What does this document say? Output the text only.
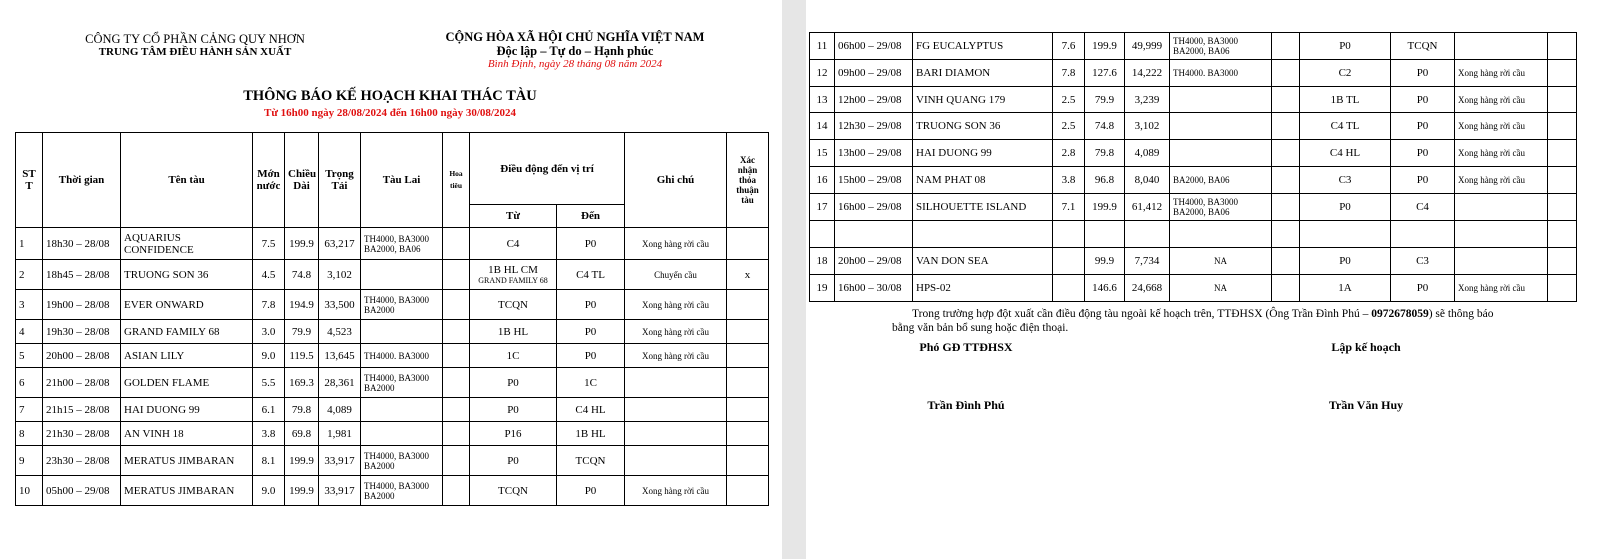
CÔNG TY CỔ PHẦN CẢNG QUY NHƠN
TRUNG TÂM ĐIỀU HÀNH SẢN XUẤT
CỘNG HÒA XÃ HỘI CHỦ NGHĨA VIỆT NAM
Độc lập – Tự do – Hạnh phúc
Bình Định, ngày 28 tháng 08 năm 2024
THÔNG BÁO KẾ HOẠCH KHAI THÁC TÀU
Từ 16h00 ngày 28/08/2024 đến 16h00 ngày 30/08/2024
ST T	Thời gian	Tên tàu	Mớn nước	Chiều Dài	Trọng Tải	Tàu Lai	Hoa tiêu	Điều động đến vị trí		Ghi chú	Xác nhận thỏa thuận tàu
								Từ	Đến		
1	18h30 – 28/08	AQUARIUS CONFIDENCE	7.5	199.9	63,217	TH4000, BA3000 BA2000, BA06		C4	P0	Xong hàng rời cầu	
2	18h45 – 28/08	TRUONG SON 36	4.5	74.8	3,102			1B HL CM
GRAND FAMILY 68	C4 TL	Chuyển cầu	x
3	19h00 – 28/08	EVER ONWARD	7.8	194.9	33,500	TH4000, BA3000 BA2000		TCQN	P0	Xong hàng rời cầu	
4	19h30 – 28/08	GRAND FAMILY 68	3.0	79.9	4,523			1B HL	P0	Xong hàng rời cầu	
5	20h00 – 28/08	ASIAN LILY	9.0	119.5	13,645	TH4000. BA3000		1C	P0	Xong hàng rời cầu	
6	21h00 – 28/08	GOLDEN FLAME	5.5	169.3	28,361	TH4000, BA3000 BA2000		P0	1C		
7	21h15 – 28/08	HAI DUONG 99	6.1	79.8	4,089			P0	C4 HL		
8	21h30 – 28/08	AN VINH 18	3.8	69.8	1,981			P16	1B HL		
9	23h30 – 28/08	MERATUS JIMBARAN	8.1	199.9	33,917	TH4000, BA3000 BA2000		P0	TCQN		
10	05h00 – 29/08	MERATUS JIMBARAN	9.0	199.9	33,917	TH4000, BA3000 BA2000		TCQN	P0	Xong hàng rời cầu	
11	06h00 – 29/08	FG EUCALYPTUS	7.6	199.9	49,999	TH4000, BA3000 BA2000, BA06		P0	TCQN		
12	09h00 – 29/08	BARI DIAMON	7.8	127.6	14,222	TH4000. BA3000		C2	P0	Xong hàng rời cầu	
13	12h00 – 29/08	VINH QUANG 179	2.5	79.9	3,239			1B TL	P0	Xong hàng rời cầu	
14	12h30 – 29/08	TRUONG SON 36	2.5	74.8	3,102			C4 TL	P0	Xong hàng rời cầu	
15	13h00 – 29/08	HAI DUONG 99	2.8	79.8	4,089			C4 HL	P0	Xong hàng rời cầu	
16	15h00 – 29/08	NAM PHAT 08	3.8	96.8	8,040	BA2000, BA06		C3	P0	Xong hàng rời cầu	
17	16h00 – 29/08	SILHOUETTE ISLAND	7.1	199.9	61,412	TH4000, BA3000 BA2000, BA06		P0	C4		

18	20h00 – 29/08	VAN DON SEA		99.9	7,734	NA		P0	C3		
19	16h00 – 30/08	HPS-02		146.6	24,668	NA		1A	P0	Xong hàng rời cầu	
Trong trường hợp đột xuất cần điều động tàu ngoài kế hoạch trên, TTĐHSX (Ông Trần Đình Phú – 0972678059) sẽ thông báo
bằng văn bản bổ sung hoặc điện thoại.
Phó GĐ TTĐHSX	Lập kế hoạch
Trần Đình Phú	Trần Văn Huy
